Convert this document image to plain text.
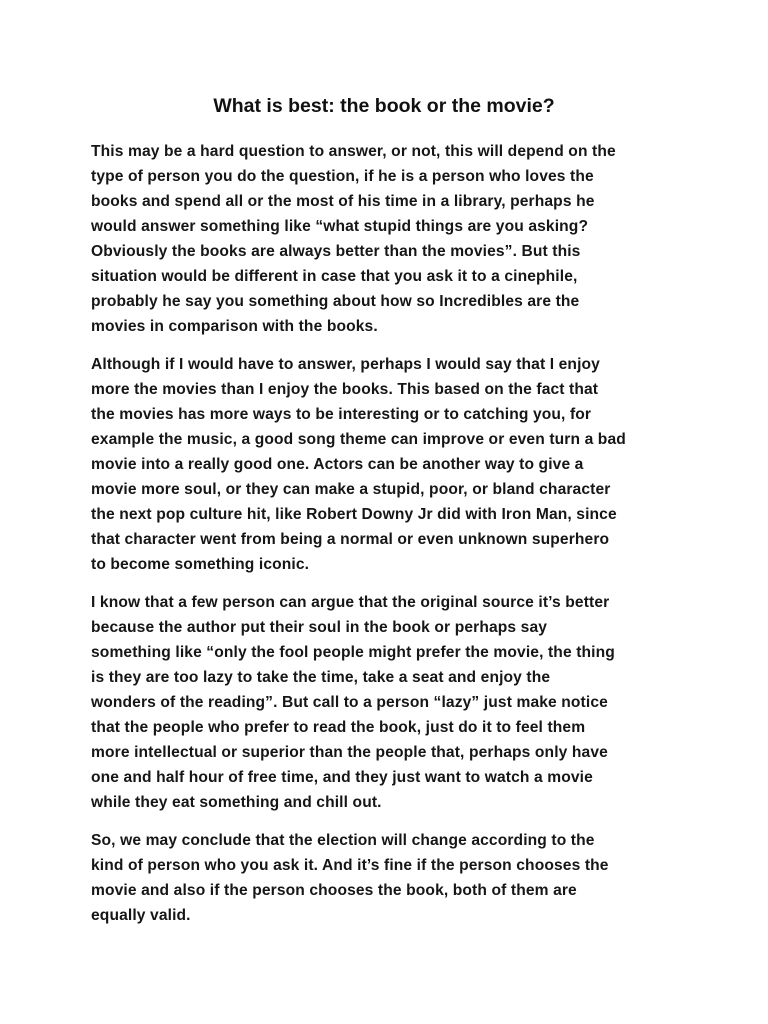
What is best: the book or the movie?

This may be a hard question to answer, or not, this will depend on the
type of person you do the question, if he is a person who loves the
books and spend all or the most of his time in a library, perhaps he
would answer something like “what stupid things are you asking?
Obviously the books are always better than the movies”. But this
situation would be different in case that you ask it to a cinephile,
probably he say you something about how so Incredibles are the
movies in comparison with the books.

Although if I would have to answer, perhaps I would say that I enjoy
more the movies than I enjoy the books. This based on the fact that
the movies has more ways to be interesting or to catching you, for
example the music, a good song theme can improve or even turn a bad
movie into a really good one. Actors can be another way to give a
movie more soul, or they can make a stupid, poor, or bland character
the next pop culture hit, like Robert Downy Jr did with Iron Man, since
that character went from being a normal or even unknown superhero
to become something iconic.

I know that a few person can argue that the original source it’s better
because the author put their soul in the book or perhaps say
something like “only the fool people might prefer the movie, the thing
is they are too lazy to take the time, take a seat and enjoy the
wonders of the reading”. But call to a person “lazy” just make notice
that the people who prefer to read the book, just do it to feel them
more intellectual or superior than the people that, perhaps only have
one and half hour of free time, and they just want to watch a movie
while they eat something and chill out.

So, we may conclude that the election will change according to the
kind of person who you ask it. And it’s fine if the person chooses the
movie and also if the person chooses the book, both of them are
equally valid.
